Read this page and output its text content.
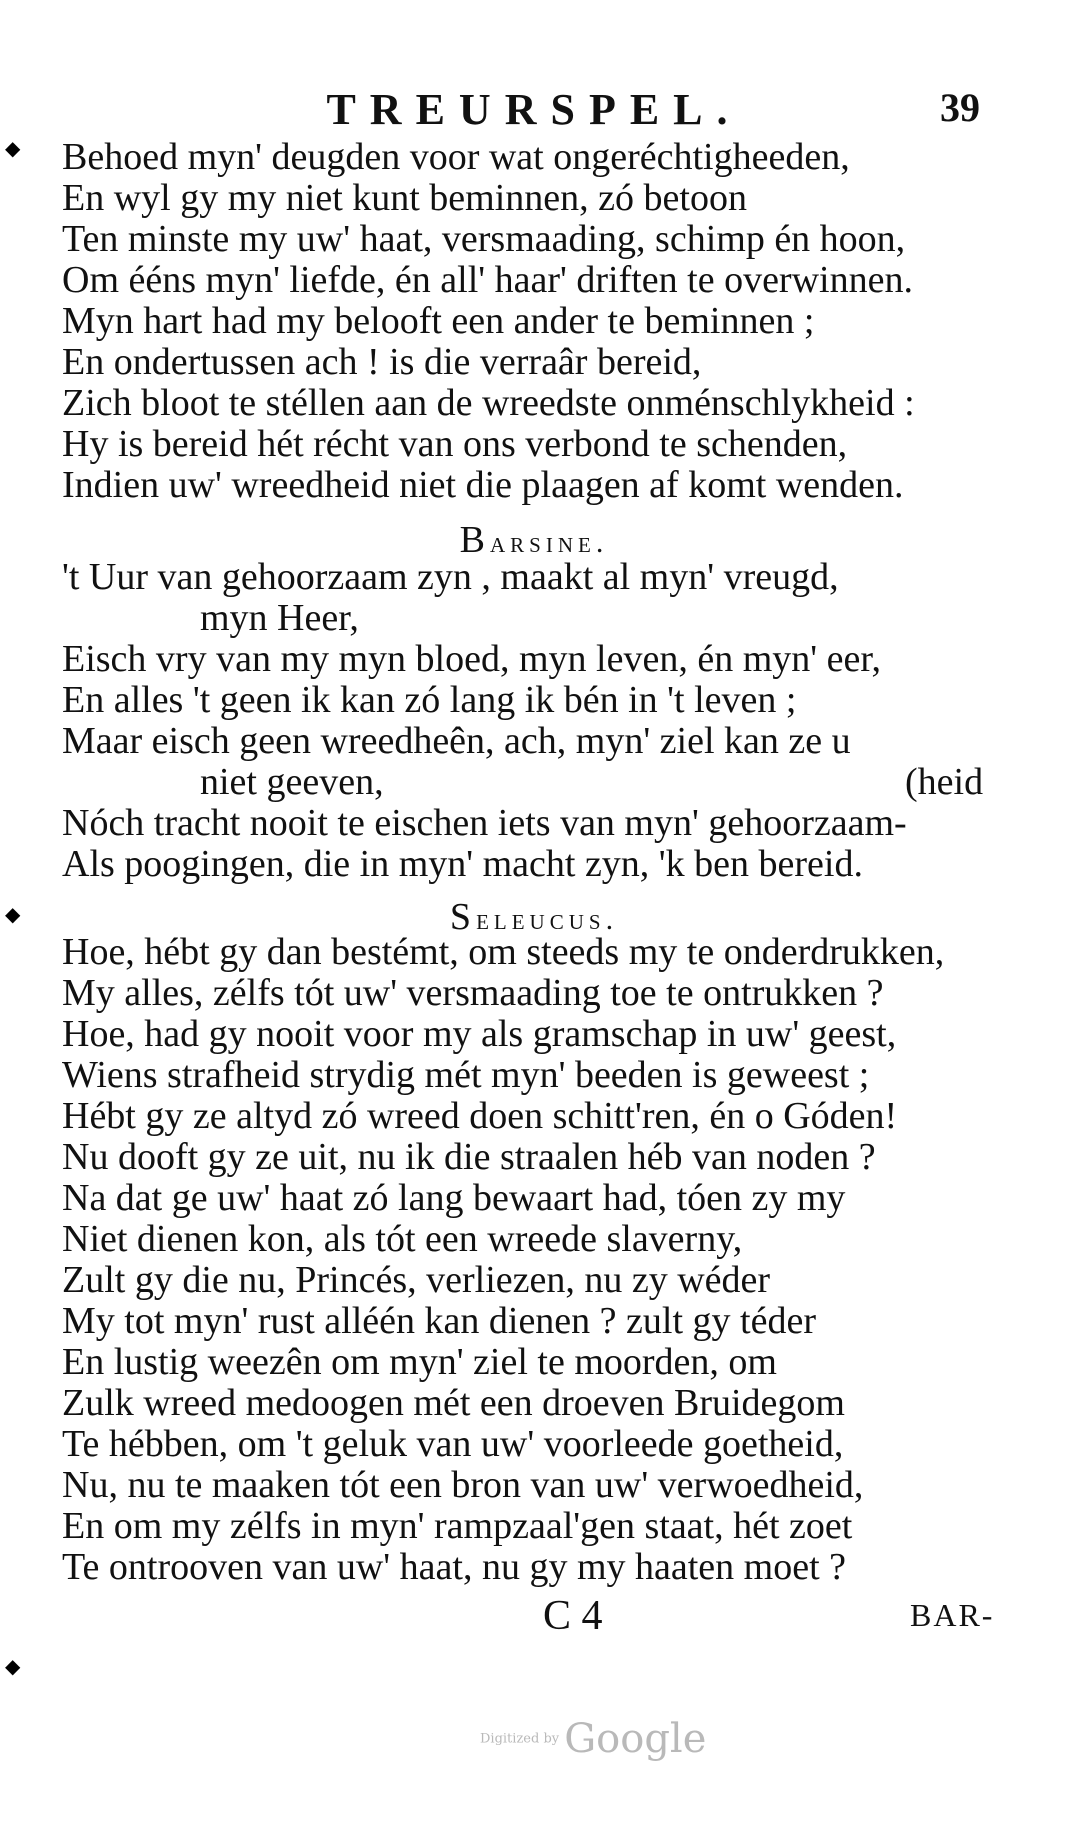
TREURSPEL.	39
◆
◆
◆
Behoed myn' deugden voor wat ongeréchtigheeden,
En wyl gy my niet kunt beminnen, zó betoon
Ten minste my uw' haat, versmaading, schimp én hoon,
Om ééns myn' liefde, én all' haar' driften te overwinnen.
Myn hart had my belooft een ander te beminnen ;
En ondertussen ach ! is die verraâr bereid,
Zich bloot te stéllen aan de wreedste onménschlykheid :
Hy is bereid hét récht van ons verbond te schenden,
Indien uw' wreedheid niet die plaagen af komt wenden.
Barsine.
't Uur van gehoorzaam zyn , maakt al myn' vreugd,
myn Heer,
Eisch vry van my myn bloed, myn leven, én myn' eer,
En alles 't geen ik kan zó lang ik bén in 't leven ;
Maar eisch geen wreedheên, ach, myn' ziel kan ze u
niet geeven,	(heid
Nóch tracht nooit te eischen iets van myn' gehoorzaam-
Als poogingen, die in myn' macht zyn, 'k ben bereid.
Seleucus.
Hoe, hébt gy dan bestémt, om steeds my te onderdrukken,
My alles, zélfs tót uw' versmaading toe te ontrukken ?
Hoe, had gy nooit voor my als gramschap in uw' geest,
Wiens strafheid strydig mét myn' beeden is geweest ;
Hébt gy ze altyd zó wreed doen schitt'ren, én o Góden!
Nu dooft gy ze uit, nu ik die straalen héb van noden ?
Na dat ge uw' haat zó lang bewaart had, tóen zy my
Niet dienen kon, als tót een wreede slaverny,
Zult gy die nu, Princés, verliezen, nu zy wéder
My tot myn' rust alléén kan dienen ? zult gy téder
En lustig weezên om myn' ziel te moorden, om
Zulk wreed medoogen mét een droeven Bruidegom
Te hébben, om 't geluk van uw' voorleede goetheid,
Nu, nu te maaken tót een bron van uw' verwoedheid,
En om my zélfs in myn' rampzaal'gen staat, hét zoet
Te ontrooven van uw' haat, nu gy my haaten moet ?
C 4	BAR-
Digitized by Google
